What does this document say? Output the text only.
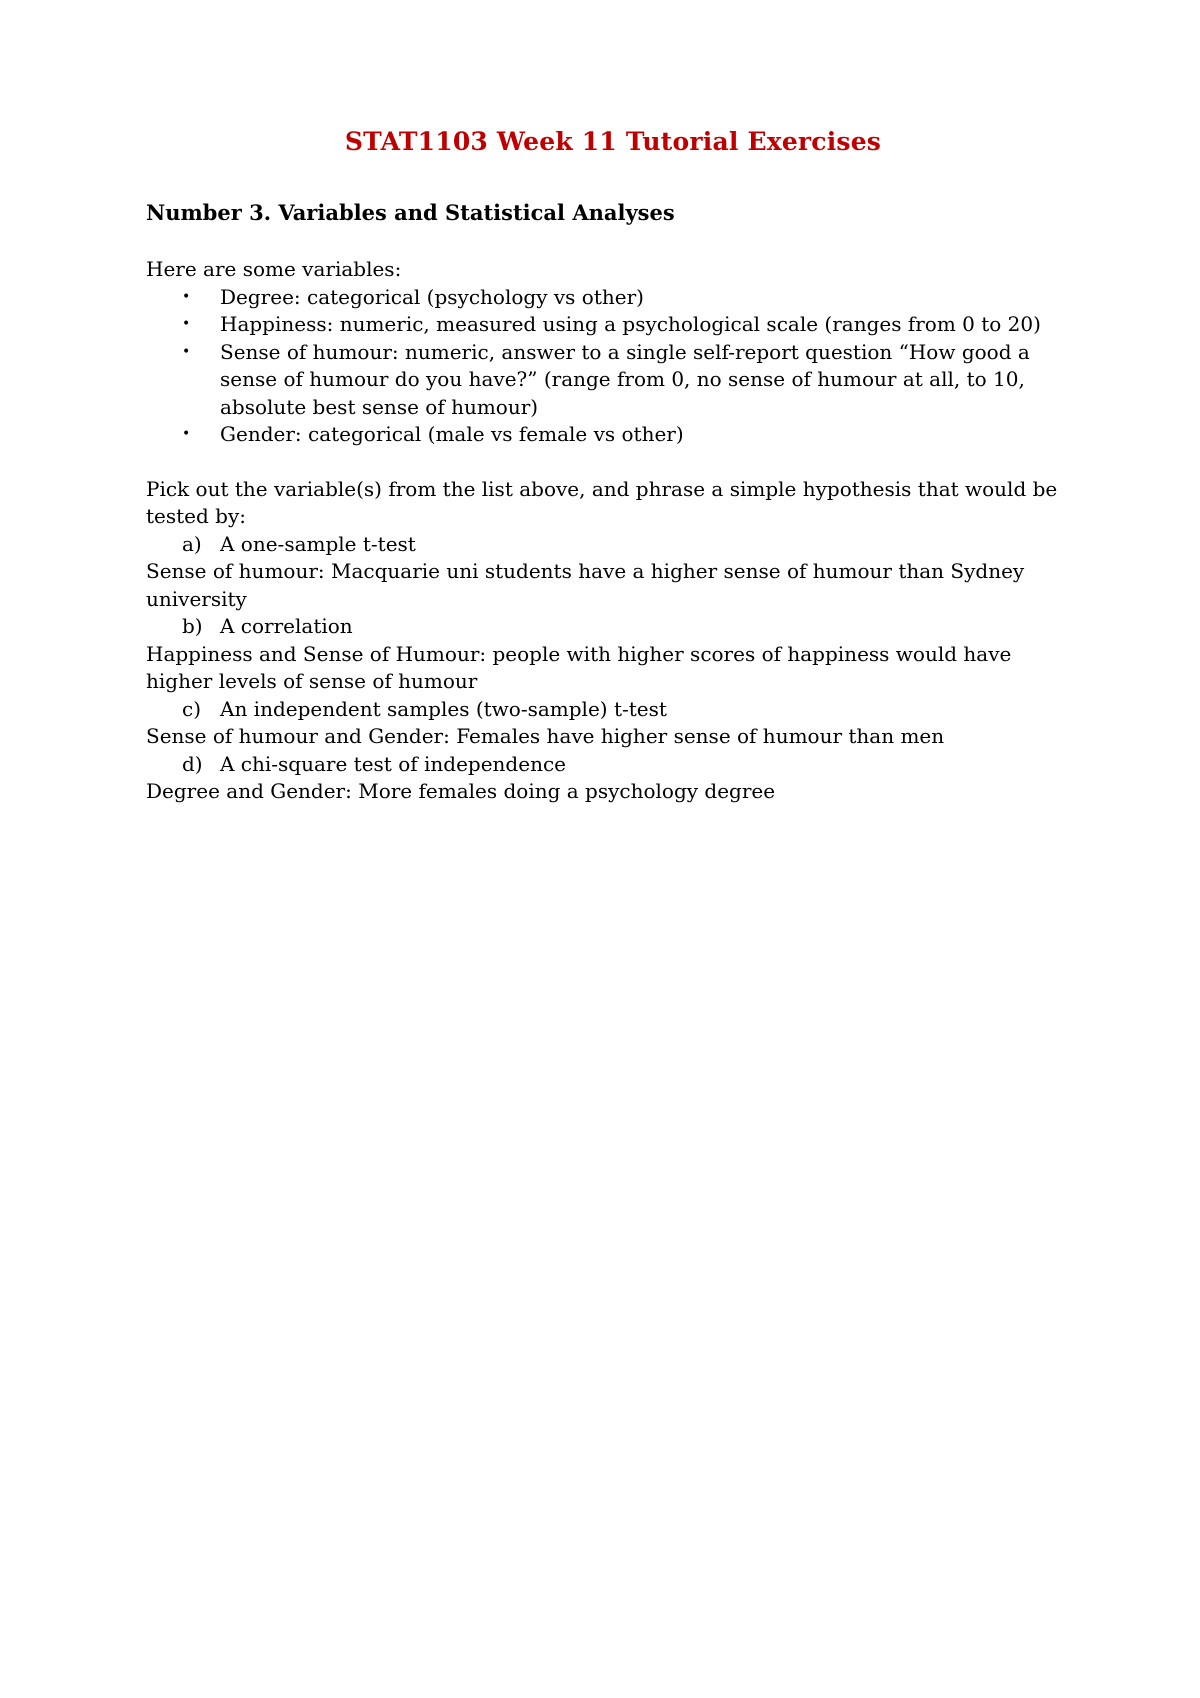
STAT1103 Week 11 Tutorial Exercises
Number 3. Variables and Statistical Analyses

Here are some variables:

• Degree: categorical (psychology vs other)
• Happiness: numeric, measured using a psychological scale (ranges from 0 to 20)
• Sense of humour: numeric, answer to a single self-report question “How good a sense of humour do you have?” (range from 0, no sense of humour at all, to 10, absolute best sense of humour)
• Gender: categorical (male vs female vs other)

Pick out the variable(s) from the list above, and phrase a simple hypothesis that would be tested by:

a) A one-sample t-test

Sense of humour: Macquarie uni students have a higher sense of humour than Sydney university

b) A correlation

Happiness and Sense of Humour: people with higher scores of happiness would have higher levels of sense of humour

c) An independent samples (two-sample) t-test

Sense of humour and Gender: Females have higher sense of humour than men

d) A chi-square test of independence

Degree and Gender: More females doing a psychology degree
